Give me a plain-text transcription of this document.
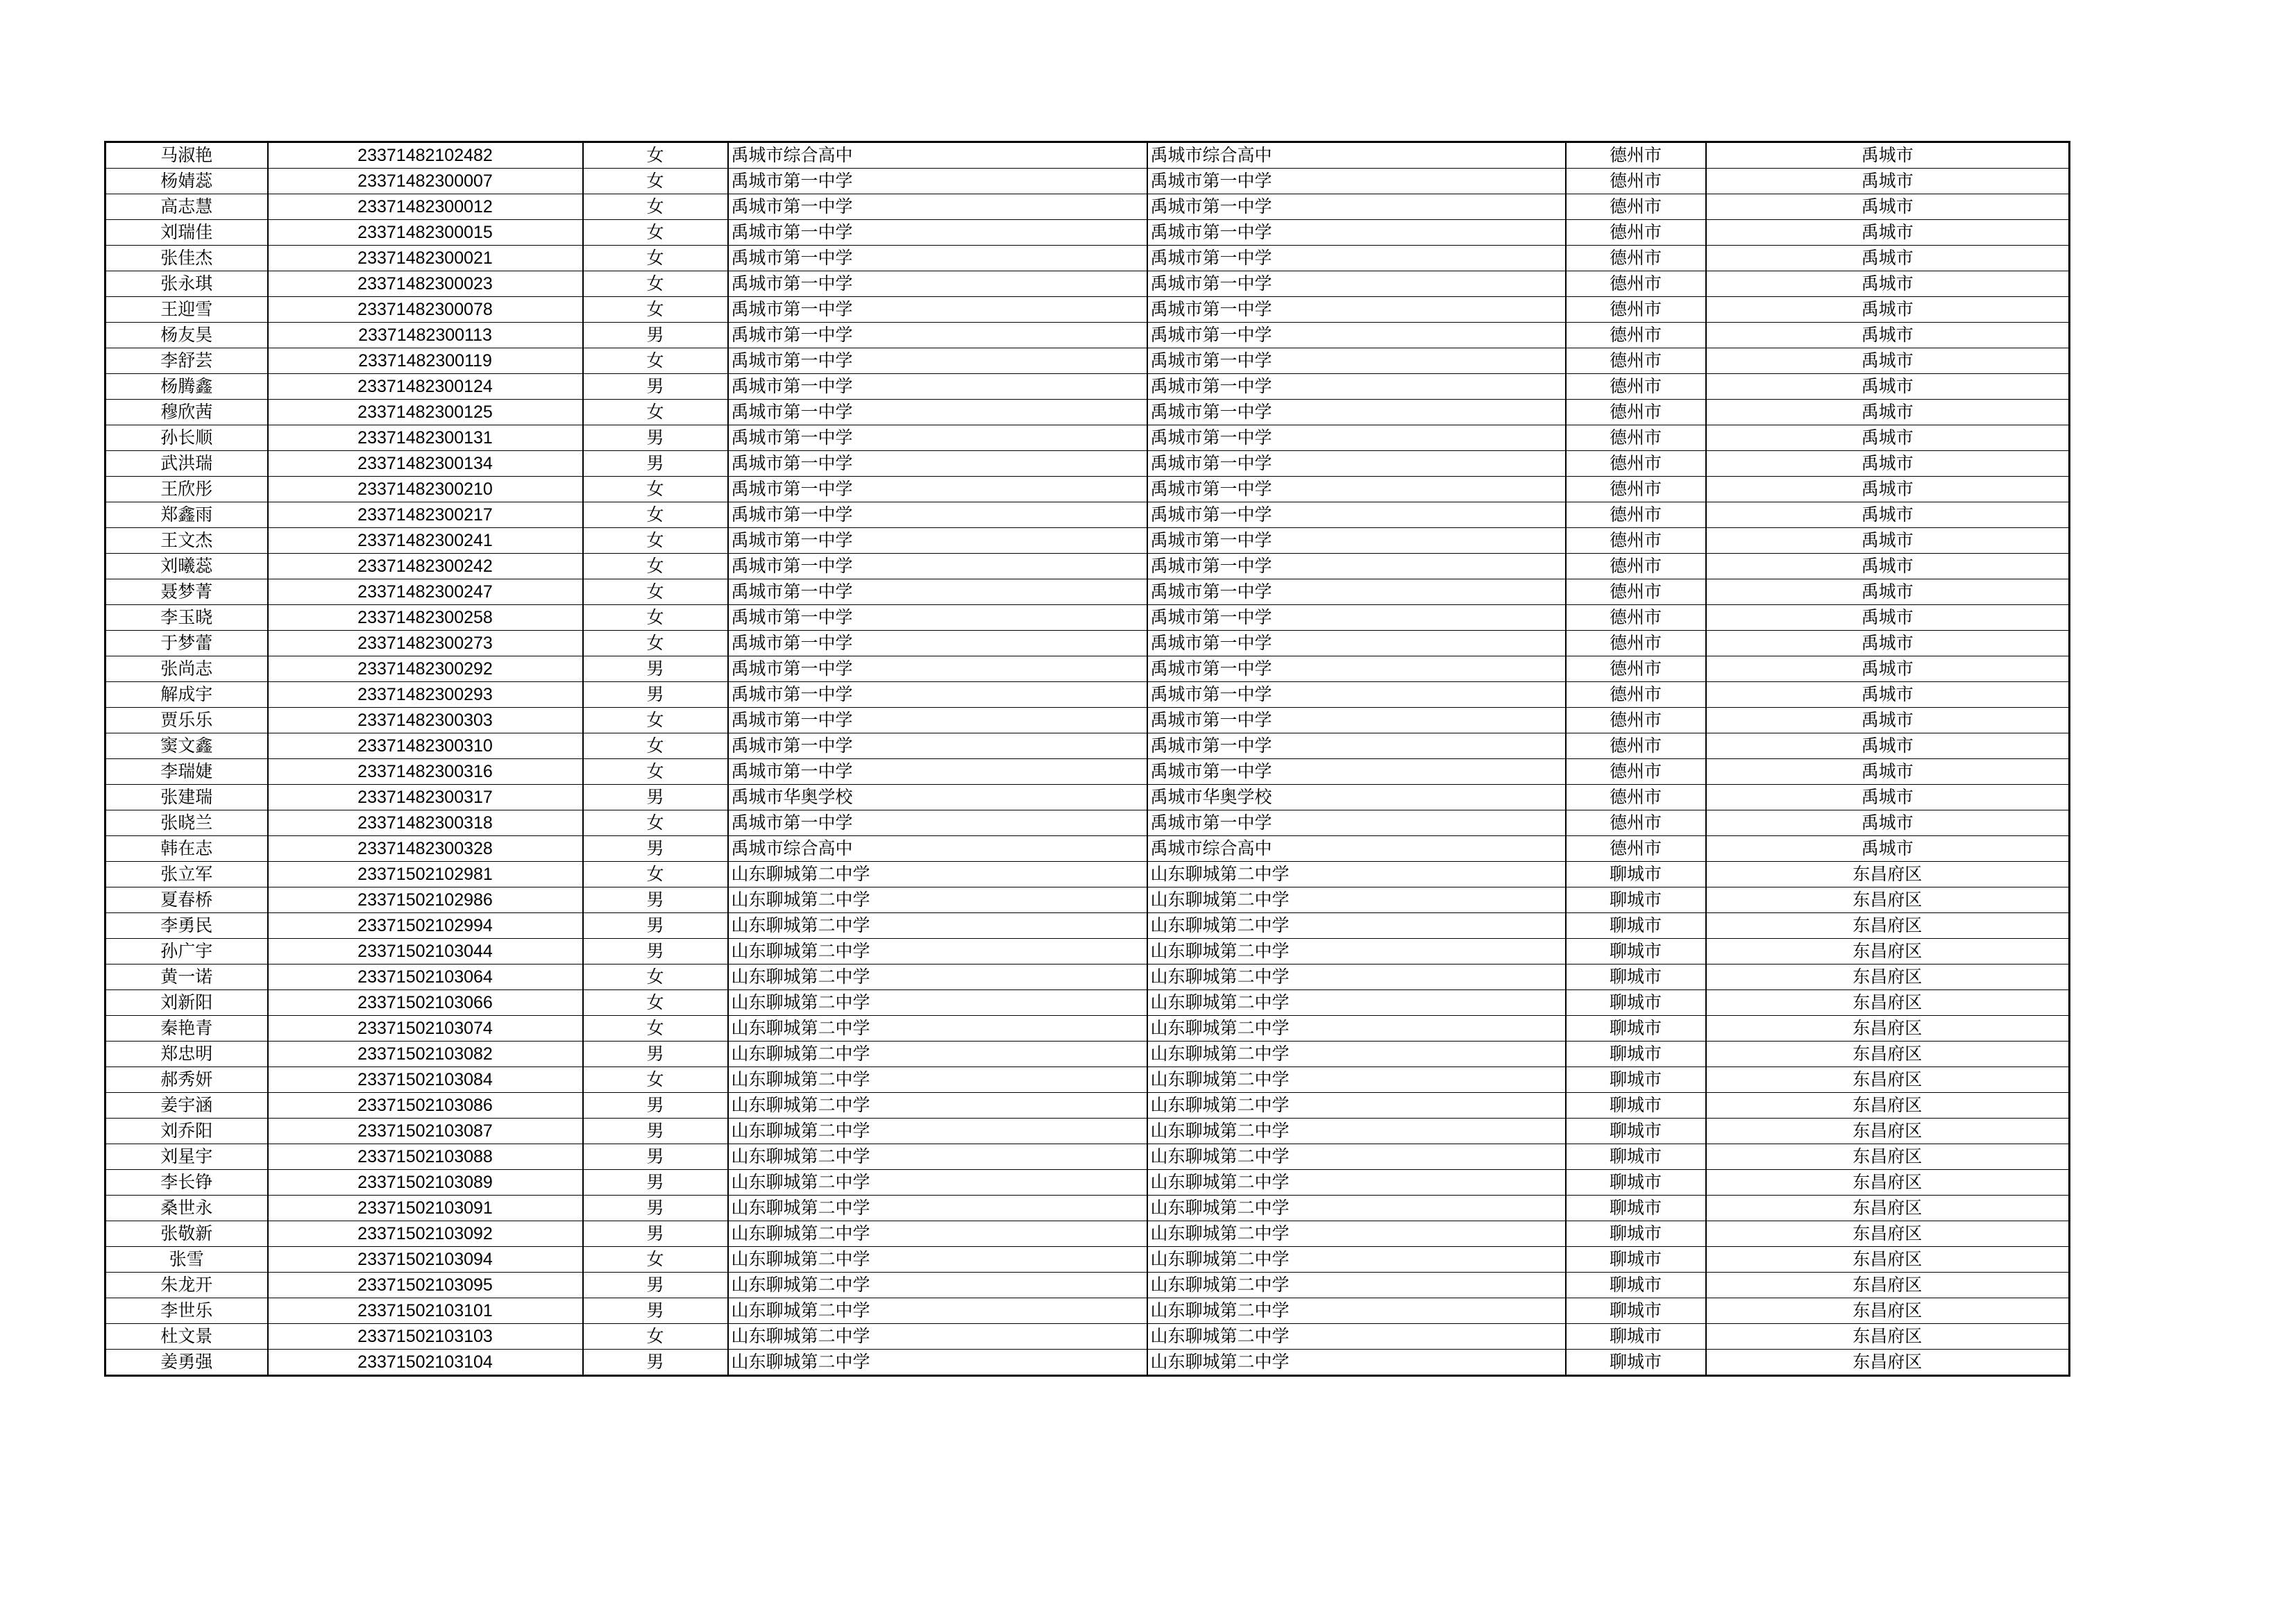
马淑艳	23371482102482	女	禹城市综合高中	禹城市综合高中	德州市	禹城市
杨婧蕊	23371482300007	女	禹城市第一中学	禹城市第一中学	德州市	禹城市
高志慧	23371482300012	女	禹城市第一中学	禹城市第一中学	德州市	禹城市
刘瑞佳	23371482300015	女	禹城市第一中学	禹城市第一中学	德州市	禹城市
张佳杰	23371482300021	女	禹城市第一中学	禹城市第一中学	德州市	禹城市
张永琪	23371482300023	女	禹城市第一中学	禹城市第一中学	德州市	禹城市
王迎雪	23371482300078	女	禹城市第一中学	禹城市第一中学	德州市	禹城市
杨友昊	23371482300113	男	禹城市第一中学	禹城市第一中学	德州市	禹城市
李舒芸	23371482300119	女	禹城市第一中学	禹城市第一中学	德州市	禹城市
杨腾鑫	23371482300124	男	禹城市第一中学	禹城市第一中学	德州市	禹城市
穆欣茜	23371482300125	女	禹城市第一中学	禹城市第一中学	德州市	禹城市
孙长顺	23371482300131	男	禹城市第一中学	禹城市第一中学	德州市	禹城市
武洪瑞	23371482300134	男	禹城市第一中学	禹城市第一中学	德州市	禹城市
王欣彤	23371482300210	女	禹城市第一中学	禹城市第一中学	德州市	禹城市
郑鑫雨	23371482300217	女	禹城市第一中学	禹城市第一中学	德州市	禹城市
王文杰	23371482300241	女	禹城市第一中学	禹城市第一中学	德州市	禹城市
刘曦蕊	23371482300242	女	禹城市第一中学	禹城市第一中学	德州市	禹城市
聂梦菁	23371482300247	女	禹城市第一中学	禹城市第一中学	德州市	禹城市
李玉晓	23371482300258	女	禹城市第一中学	禹城市第一中学	德州市	禹城市
于梦蕾	23371482300273	女	禹城市第一中学	禹城市第一中学	德州市	禹城市
张尚志	23371482300292	男	禹城市第一中学	禹城市第一中学	德州市	禹城市
解成宇	23371482300293	男	禹城市第一中学	禹城市第一中学	德州市	禹城市
贾乐乐	23371482300303	女	禹城市第一中学	禹城市第一中学	德州市	禹城市
窦文鑫	23371482300310	女	禹城市第一中学	禹城市第一中学	德州市	禹城市
李瑞婕	23371482300316	女	禹城市第一中学	禹城市第一中学	德州市	禹城市
张建瑞	23371482300317	男	禹城市华奥学校	禹城市华奥学校	德州市	禹城市
张晓兰	23371482300318	女	禹城市第一中学	禹城市第一中学	德州市	禹城市
韩在志	23371482300328	男	禹城市综合高中	禹城市综合高中	德州市	禹城市
张立军	23371502102981	女	山东聊城第二中学	山东聊城第二中学	聊城市	东昌府区
夏春桥	23371502102986	男	山东聊城第二中学	山东聊城第二中学	聊城市	东昌府区
李勇民	23371502102994	男	山东聊城第二中学	山东聊城第二中学	聊城市	东昌府区
孙广宇	23371502103044	男	山东聊城第二中学	山东聊城第二中学	聊城市	东昌府区
黄一诺	23371502103064	女	山东聊城第二中学	山东聊城第二中学	聊城市	东昌府区
刘新阳	23371502103066	女	山东聊城第二中学	山东聊城第二中学	聊城市	东昌府区
秦艳青	23371502103074	女	山东聊城第二中学	山东聊城第二中学	聊城市	东昌府区
郑忠明	23371502103082	男	山东聊城第二中学	山东聊城第二中学	聊城市	东昌府区
郝秀妍	23371502103084	女	山东聊城第二中学	山东聊城第二中学	聊城市	东昌府区
姜宇涵	23371502103086	男	山东聊城第二中学	山东聊城第二中学	聊城市	东昌府区
刘乔阳	23371502103087	男	山东聊城第二中学	山东聊城第二中学	聊城市	东昌府区
刘星宇	23371502103088	男	山东聊城第二中学	山东聊城第二中学	聊城市	东昌府区
李长铮	23371502103089	男	山东聊城第二中学	山东聊城第二中学	聊城市	东昌府区
桑世永	23371502103091	男	山东聊城第二中学	山东聊城第二中学	聊城市	东昌府区
张敬新	23371502103092	男	山东聊城第二中学	山东聊城第二中学	聊城市	东昌府区
张雪	23371502103094	女	山东聊城第二中学	山东聊城第二中学	聊城市	东昌府区
朱龙开	23371502103095	男	山东聊城第二中学	山东聊城第二中学	聊城市	东昌府区
李世乐	23371502103101	男	山东聊城第二中学	山东聊城第二中学	聊城市	东昌府区
杜文景	23371502103103	女	山东聊城第二中学	山东聊城第二中学	聊城市	东昌府区
姜勇强	23371502103104	男	山东聊城第二中学	山东聊城第二中学	聊城市	东昌府区
